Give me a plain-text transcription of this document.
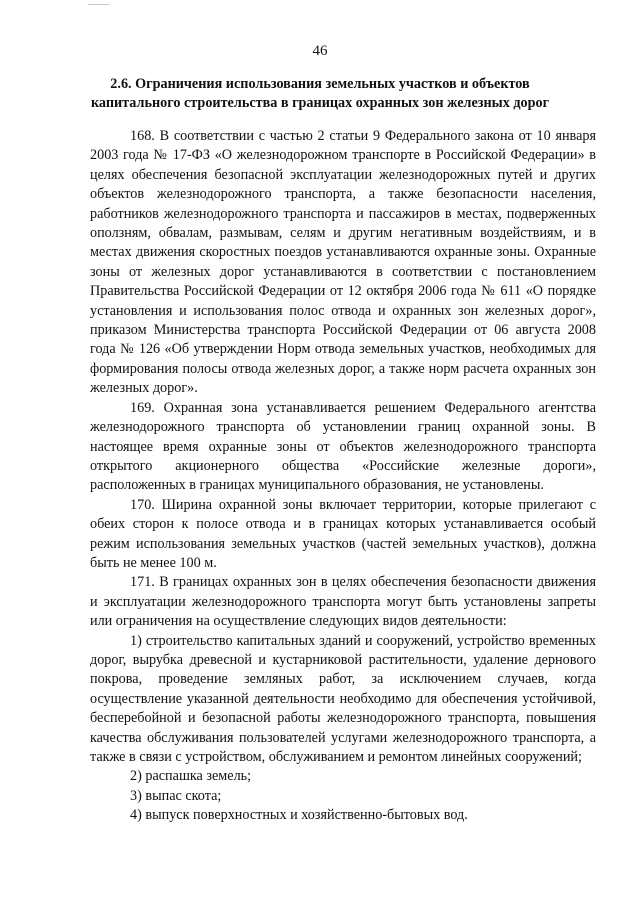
46
2.6. Ограничения использования земельных участков и объектов капитального строительства в границах охранных зон железных дорог

168. В соответствии с частью 2 статьи 9 Федерального закона от 10 января 2003 года № 17-ФЗ «О железнодорожном транспорте в Российской Федерации» в целях обеспечения безопасной эксплуатации железнодорожных путей и других объектов железнодорожного транспорта, а также безопасности населения, работников железнодорожного транспорта и пассажиров в местах, подверженных оползням, обвалам, размывам, селям и другим негативным воздействиям, и в местах движения скоростных поездов устанавливаются охранные зоны. Охранные зоны от железных дорог устанавливаются в соответствии с постановлением Правительства Российской Федерации от 12 октября 2006 года № 611 «О порядке установления и использования полос отвода и охранных зон железных дорог», приказом Министерства транспорта Российской Федерации от 06 августа 2008 года № 126 «Об утверждении Норм отвода земельных участков, необходимых для формирования полосы отвода железных дорог, а также норм расчета охранных зон железных дорог».

169. Охранная зона устанавливается решением Федерального агентства железнодорожного транспорта об установлении границ охранной зоны. В настоящее время охранные зоны от объектов железнодорожного транспорта открытого акционерного общества «Российские железные дороги», расположенных в границах муниципального образования, не установлены.

170. Ширина охранной зоны включает территории, которые прилегают с обеих сторон к полосе отвода и в границах которых устанавливается особый режим использования земельных участков (частей земельных участков), должна быть не менее 100 м.

171. В границах охранных зон в целях обеспечения безопасности движения и эксплуатации железнодорожного транспорта могут быть установлены запреты или ограничения на осуществление следующих видов деятельности:

1) строительство капитальных зданий и сооружений, устройство временных дорог, вырубка древесной и кустарниковой растительности, удаление дернового покрова, проведение земляных работ, за исключением случаев, когда осуществление указанной деятельности необходимо для обеспечения устойчивой, бесперебойной и безопасной работы железнодорожного транспорта, повышения качества обслуживания пользователей услугами железнодорожного транспорта, а также в связи с устройством, обслуживанием и ремонтом линейных сооружений;

2) распашка земель;

3) выпас скота;

4) выпуск поверхностных и хозяйственно-бытовых вод.
